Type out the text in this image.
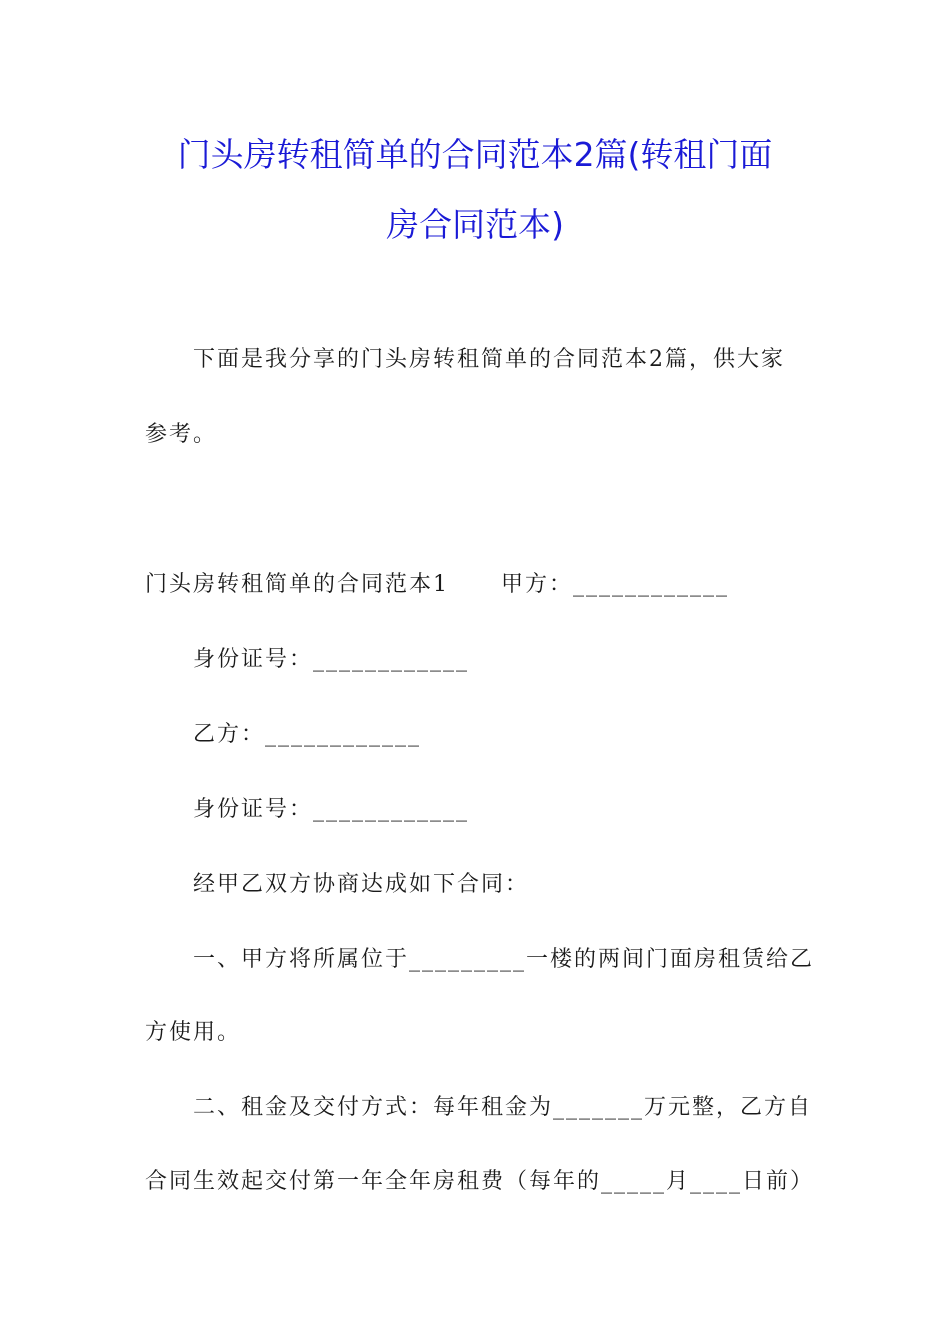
门头房转租简单的合同范本2篇(转租门面
房合同范本)
下面是我分享的门头房转租简单的合同范本2篇，供大家
参考。
门头房转租简单的合同范本1 甲方：____________
身份证号：____________
乙方：____________
身份证号：____________
经甲乙双方协商达成如下合同：
一、甲方将所属位于_________一楼的两间门面房租赁给乙
方使用。
二、租金及交付方式：每年租金为_______万元整，乙方自
合同生效起交付第一年全年房租费（每年的_____月____日前）
